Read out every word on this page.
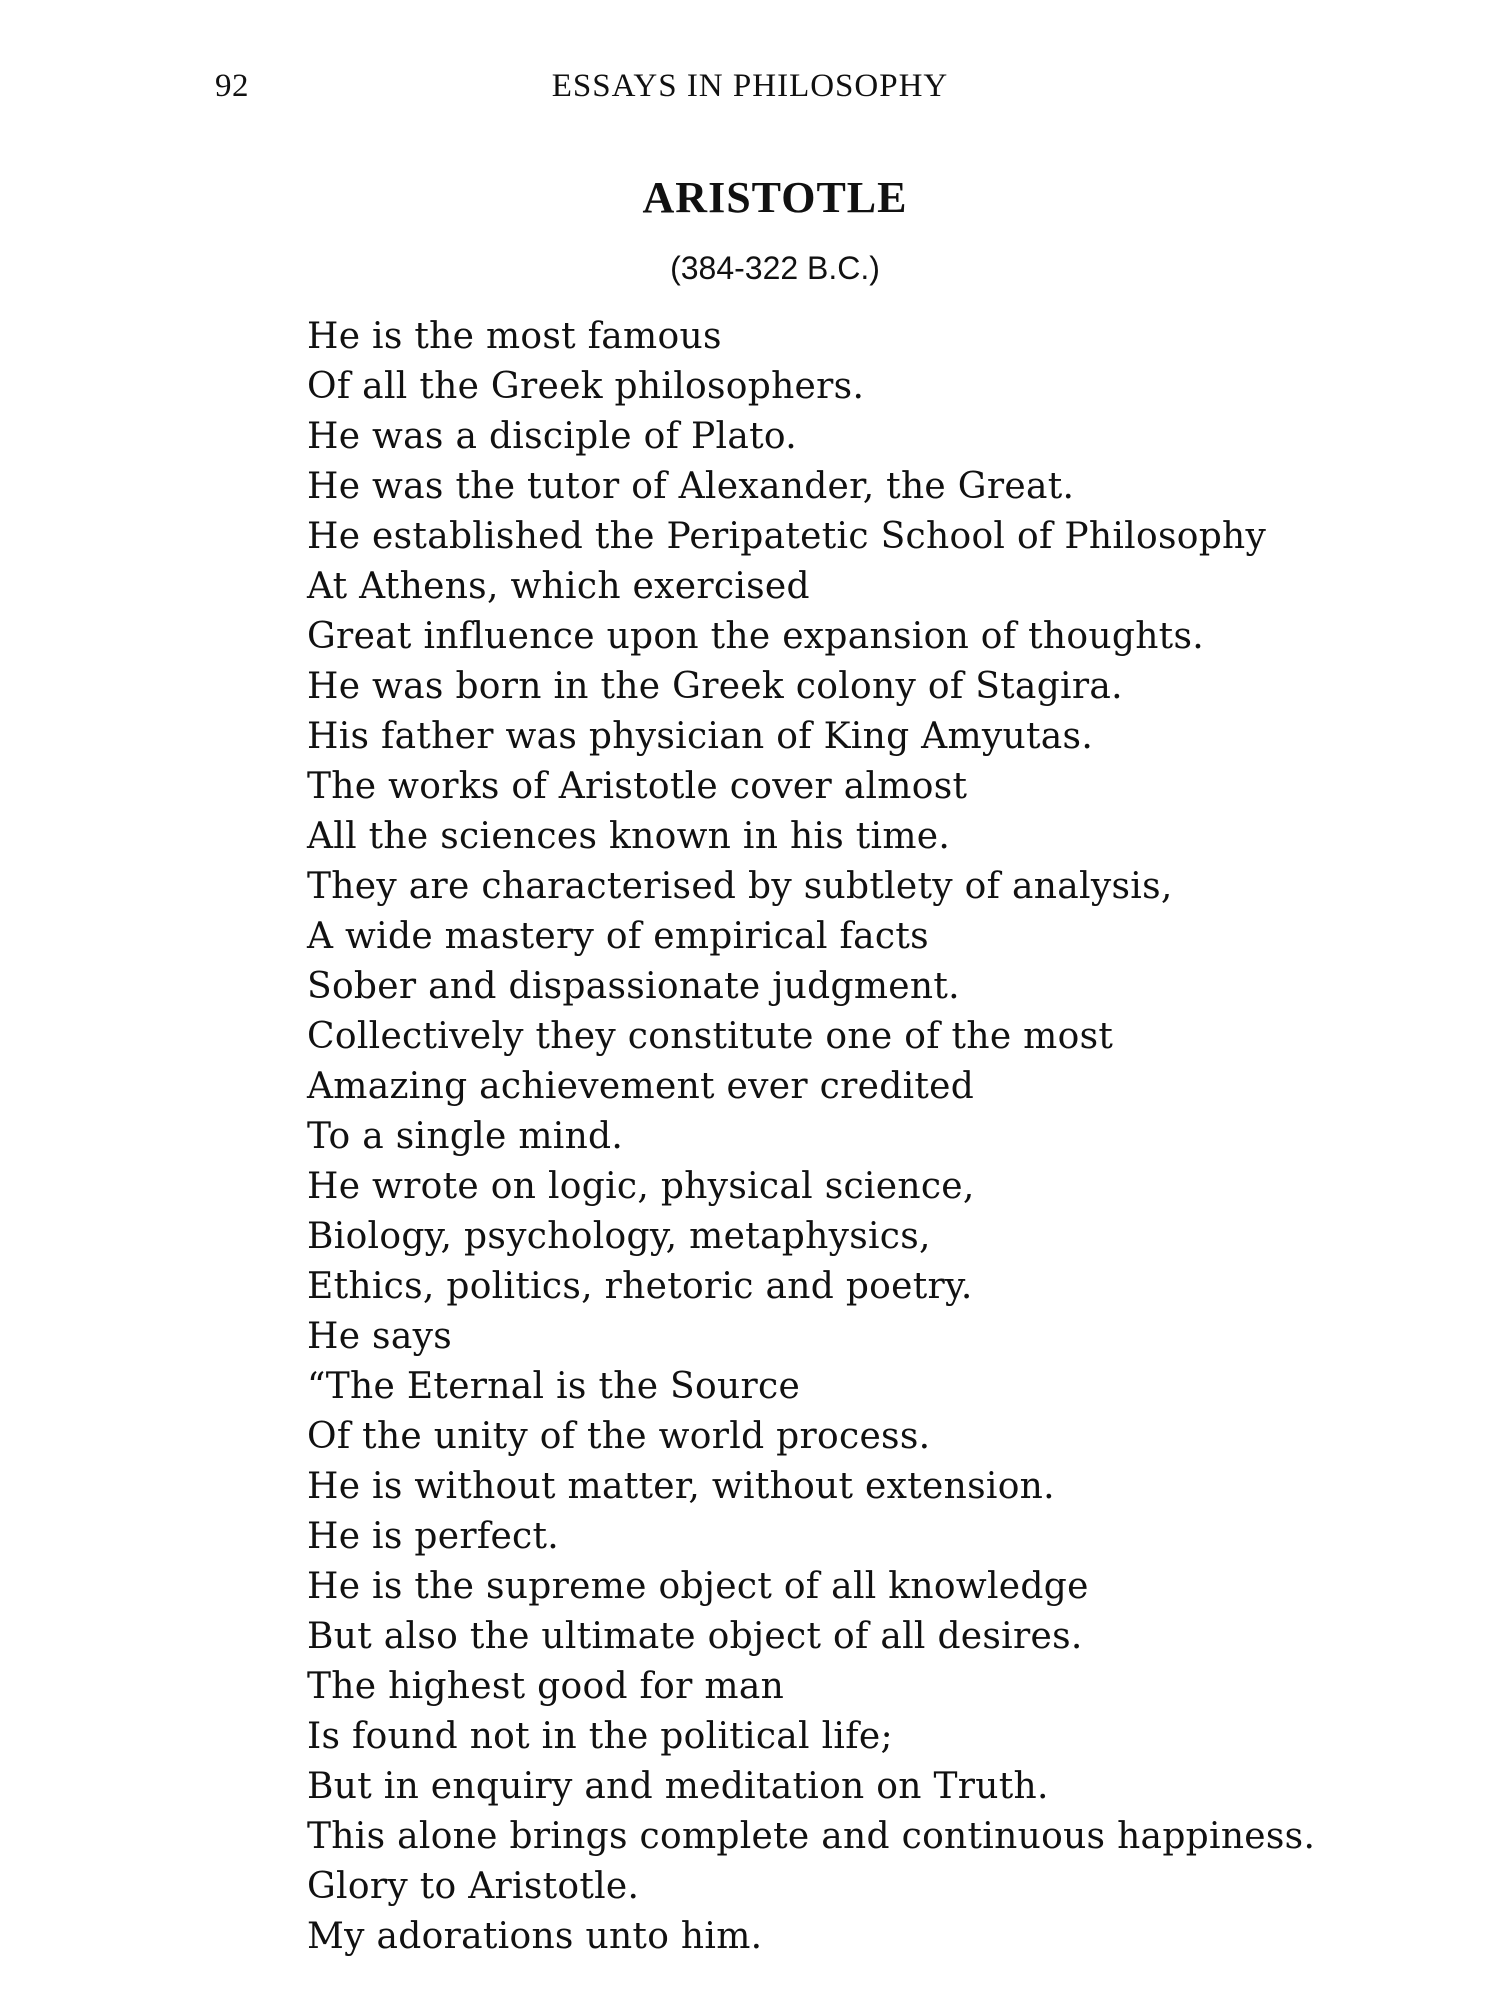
92	ESSAYS IN PHILOSOPHY
ARISTOTLE
(384-322 B.C.)
He is the most famous
Of all the Greek philosophers.
He was a disciple of Plato.
He was the tutor of Alexander, the Great.
He established the Peripatetic School of Philosophy
At Athens, which exercised
Great influence upon the expansion of thoughts.
He was born in the Greek colony of Stagira.
His father was physician of King Amyutas.
The works of Aristotle cover almost
All the sciences known in his time.
They are characterised by subtlety of analysis,
A wide mastery of empirical facts
Sober and dispassionate judgment.
Collectively they constitute one of the most
Amazing achievement ever credited
To a single mind.
He wrote on logic, physical science,
Biology, psychology, metaphysics,
Ethics, politics, rhetoric and poetry.
He says
“The Eternal is the Source
Of the unity of the world process.
He is without matter, without extension.
He is perfect.
He is the supreme object of all knowledge
But also the ultimate object of all desires.
The highest good for man
Is found not in the political life;
But in enquiry and meditation on Truth.
This alone brings complete and continuous happiness.
Glory to Aristotle.
My adorations unto him.
